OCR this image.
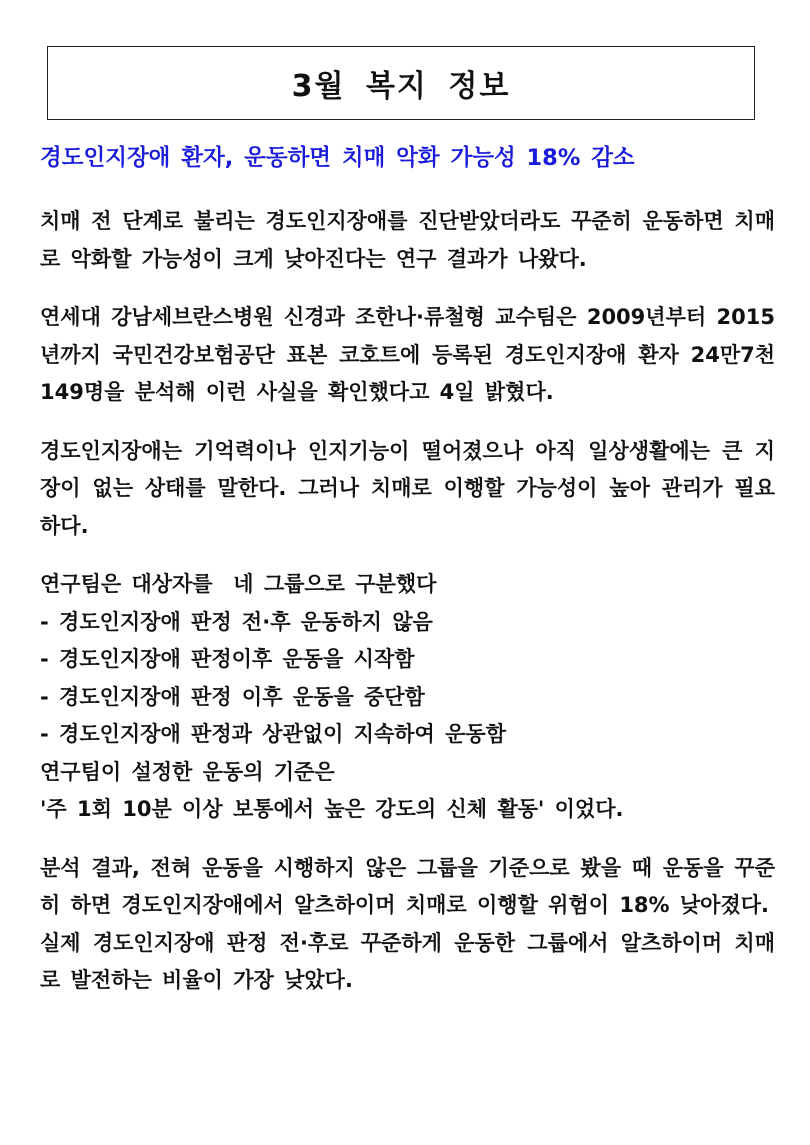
3월 복지 정보
경도인지장애 환자, 운동하면 치매 악화 가능성 18% 감소

치매 전 단계로 불리는 경도인지장애를 진단받았더라도 꾸준히 운동하면 치매로 악화할 가능성이 크게 낮아진다는 연구 결과가 나왔다.

연세대 강남세브란스병원 신경과 조한나·류철형 교수팀은 2009년부터 2015년까지 국민건강보험공단 표본 코호트에 등록된 경도인지장애 환자 24만7천149명을 분석해 이런 사실을 확인했다고 4일 밝혔다.

경도인지장애는 기억력이나 인지기능이 떨어졌으나 아직 일상생활에는 큰 지장이 없는 상태를 말한다. 그러나 치매로 이행할 가능성이 높아 관리가 필요하다.

연구팀은 대상자를  네 그룹으로 구분했다
- 경도인지장애 판정 전·후 운동하지 않음
- 경도인지장애 판정이후 운동을 시작함
- 경도인지장애 판정 이후 운동을 중단함
- 경도인지장애 판정과 상관없이 지속하여 운동함
연구팀이 설정한 운동의 기준은
'주 1회 10분 이상 보통에서 높은 강도의 신체 활동' 이었다.

분석 결과, 전혀 운동을 시행하지 않은 그룹을 기준으로 봤을 때 운동을 꾸준히 하면 경도인지장애에서 알츠하이머 치매로 이행할 위험이 18% 낮아졌다.

실제 경도인지장애 판정 전·후로 꾸준하게 운동한 그룹에서 알츠하이머 치매로 발전하는 비율이 가장 낮았다.
